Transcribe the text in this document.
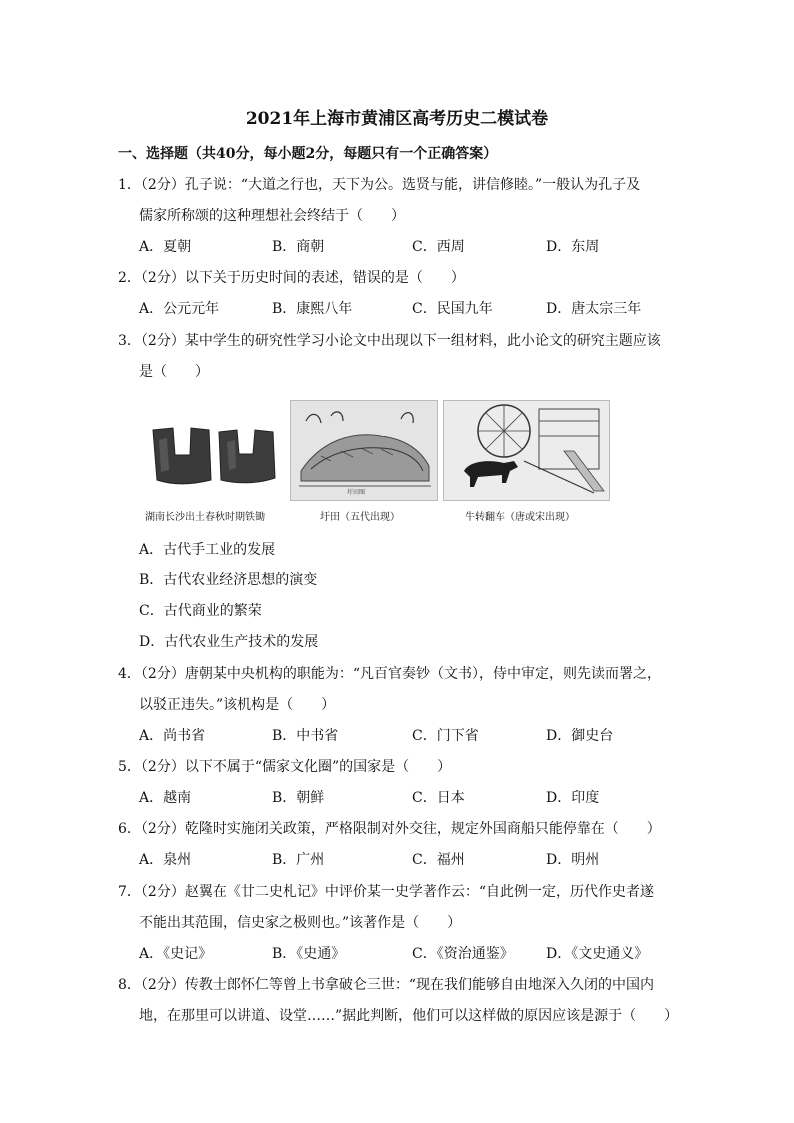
2021年上海市黄浦区高考历史二模试卷
一、选择题（共40分，每小题2分，每题只有一个正确答案）
1．（2分）孔子说：“大道之行也，天下为公。选贤与能，讲信修睦。”一般认为孔子及
儒家所称颂的这种理想社会终结于（　　）
A．夏朝	B．商朝	C．西周	D．东周
2．（2分）以下关于历史时间的表述，错误的是（　　）
A．公元元年	B．康熙八年	C．民国九年	D．唐太宗三年
3．（2分）某中学生的研究性学习小论文中出现以下一组材料，此小论文的研究主题应该
是（　　）
湖南长沙出土春秋时期铁锄
圩田图
圩田（五代出现）	牛转翻车（唐或宋出现）
A．古代手工业的发展
B．古代农业经济思想的演变
C．古代商业的繁荣
D．古代农业生产技术的发展
4．（2分）唐朝某中央机构的职能为：“凡百官奏钞（文书），侍中审定，则先读而署之，
以驳正违失。”该机构是（　　）
A．尚书省	B．中书省	C．门下省	D．御史台
5．（2分）以下不属于“儒家文化圈”的国家是（　　）
A．越南	B．朝鲜	C．日本	D．印度
6．（2分）乾隆时实施闭关政策，严格限制对外交往，规定外国商船只能停靠在（　　）
A．泉州	B．广州	C．福州	D．明州
7．（2分）赵翼在《廿二史札记》中评价某一史学著作云：“自此例一定，历代作史者遂
不能出其范围，信史家之极则也。”该著作是（　　）
A．《史记》	B．《史通》	C．《资治通鉴》 D．《文史通义》
8．（2分）传教士郎怀仁等曾上书拿破仑三世：“现在我们能够自由地深入久闭的中国内
地，在那里可以讲道、设堂……”据此判断，他们可以这样做的原因应该是源于（　　）
